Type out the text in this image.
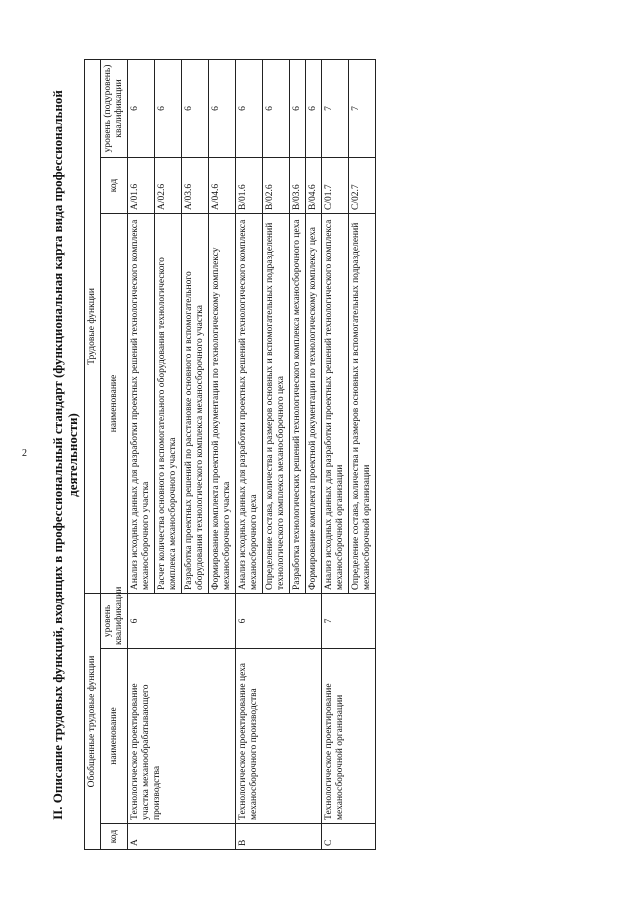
2 II. Описание трудовых функций, входящих в профессиональный стандарт (функциональная карта вида профессиональной деятельности)
Обобщенные трудовые функции			Трудовые функции		
код	наименование	уровень квалификации	наименование	код	уровень (подуровень) квалификации
A	Технологическое проектирование участка механообрабатывающего производства	6	Анализ исходных данных для разработки проектных решений технологического комплекса механосборочного участка	A/01.6	6
			Расчет количества основного и вспомогательного оборудования технологического комплекса механосборочного участка	A/02.6	6
			Разработка проектных решений по расстановке основного и вспомогательного оборудования технологического комплекса механосборочного участка	A/03.6	6
			Формирование комплекта проектной документации по технологическому комплексу механосборочного участка	A/04.6	6
B	Технологическое проектирование цеха механосборочного производства	6	Анализ исходных данных для разработки проектных решений технологического комплекса механосборочного цеха	B/01.6	6
			Определение состава, количества и размеров основных и вспомогательных подразделений технологического комплекса механосборочного цеха	B/02.6	6
			Разработка технологических решений технологического комплекса механосборочного цеха	B/03.6	6
			Формирование комплекта проектной документации по технологическому комплексу цеха	B/04.6	6
C	Технологическое проектирование механосборочной организации	7	Анализ исходных данных для разработки проектных решений технологического комплекса механосборочной организации	C/01.7	7
			Определение состава, количества и размеров основных и вспомогательных подразделений механосборочной организации	C/02.7	7
